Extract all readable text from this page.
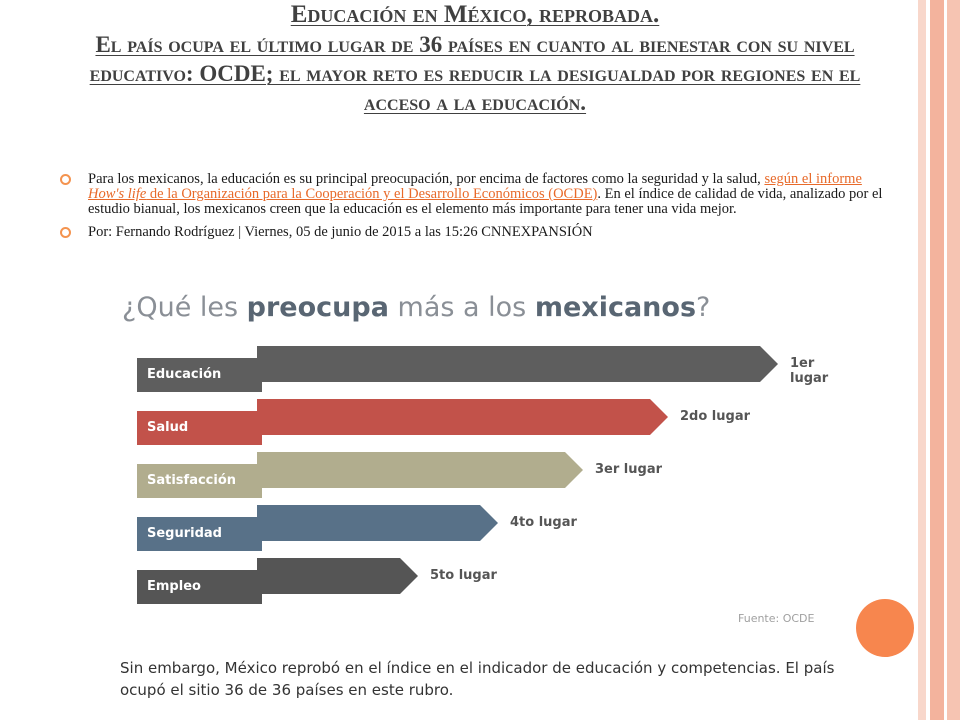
Educación en México, reprobada.
El país ocupa el último lugar de 36 países en cuanto al bienestar con su nivel educativo: OCDE; el mayor reto es reducir la desigualdad por regiones en el acceso a la educación.
Para los mexicanos, la educación es su principal preocupación, por encima de factores como la seguridad y la salud, según el informe How's life de la Organización para la Cooperación y el Desarrollo Económicos (OCDE). En el índice de calidad de vida, analizado por el estudio bianual, los mexicanos creen que la educación es el elemento más importante para tener una vida mejor.
Por: Fernando Rodríguez | Viernes, 05 de junio de 2015 a las 15:26 CNNEXPANSIÓN
¿Qué les preocupa más a los mexicanos?
Educación
1er lugar
Salud
2do lugar
Satisfacción
3er lugar
Seguridad
4to lugar
Empleo
5to lugar
Fuente: OCDE
Sin embargo, México reprobó en el índice en el indicador de educación y competencias. El país ocupó el sitio 36 de 36 países en este rubro.
